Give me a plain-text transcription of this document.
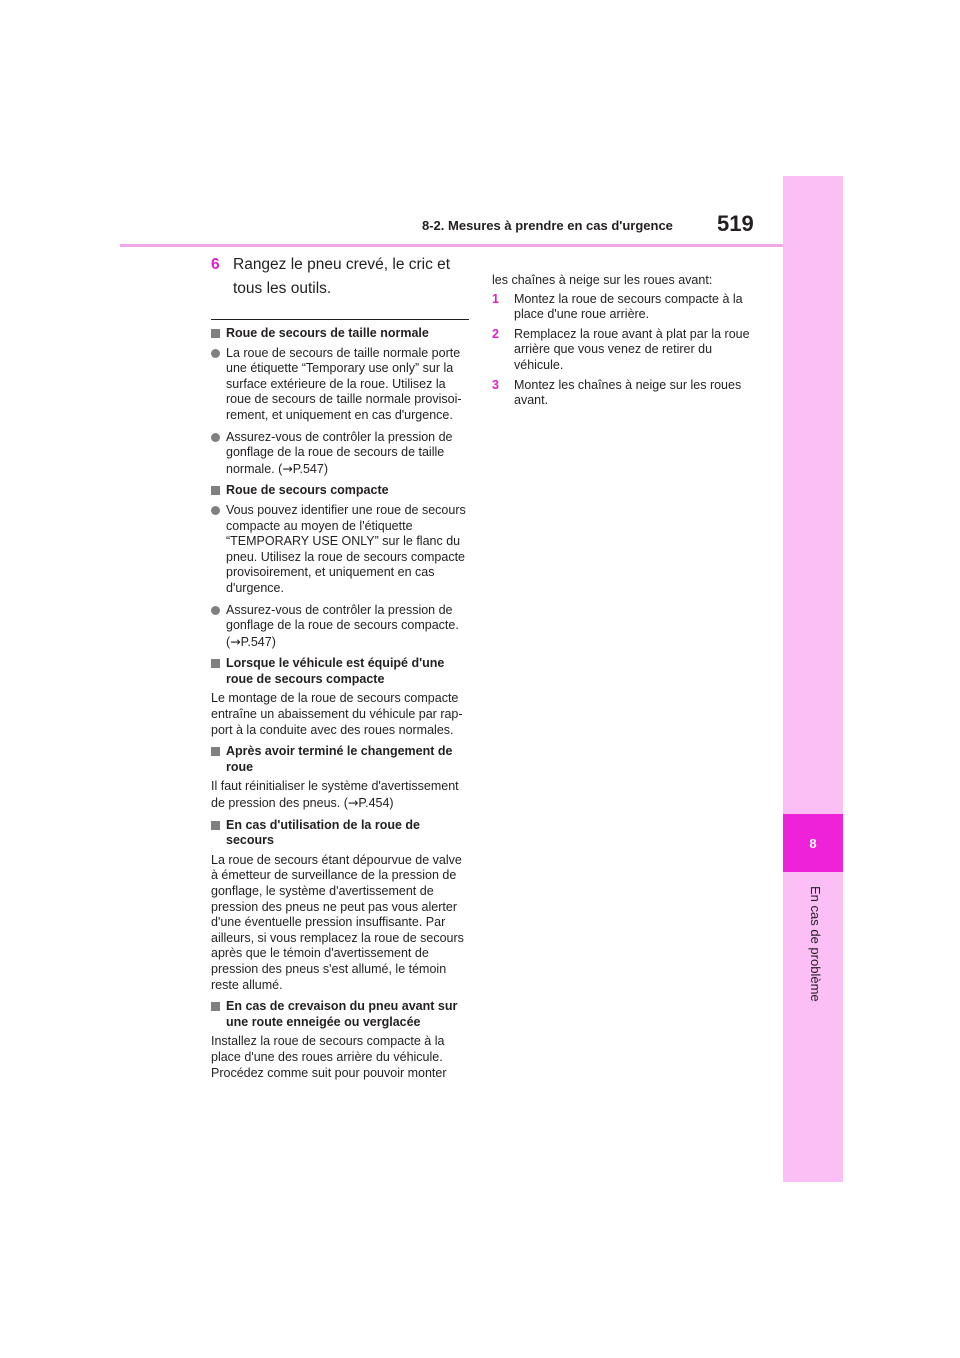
8
En cas de problème
8-2. Mesures à prendre en cas d'urgence 519
6 Rangez le pneu crevé, le cric et tous les outils.
Roue de secours de taille normale
La roue de secours de taille normale porte une étiquette “Temporary use only” sur la surface extérieure de la roue. Utilisez la roue de secours de taille normale provisoi-rement, et uniquement en cas d'urgence.
Assurez-vous de contrôler la pression de gonflage de la roue de secours de taille normale. (→P.547)
Roue de secours compacte
Vous pouvez identifier une roue de secours compacte au moyen de l'étiquette “TEMPORARY USE ONLY” sur le flanc du pneu. Utilisez la roue de secours compacte provisoirement, et uniquement en cas d'urgence.
Assurez-vous de contrôler la pression de gonflage de la roue de secours compacte. (→P.547)
Lorsque le véhicule est équipé d'une roue de secours compacte
Le montage de la roue de secours compacte entraîne un abaissement du véhicule par rap-port à la conduite avec des roues normales.
Après avoir terminé le changement de roue
Il faut réinitialiser le système d'avertissement de pression des pneus. (→P.454)
En cas d'utilisation de la roue de secours
La roue de secours étant dépourvue de valve à émetteur de surveillance de la pression de gonflage, le système d'avertissement de pression des pneus ne peut pas vous alerter d'une éventuelle pression insuffisante. Par ailleurs, si vous remplacez la roue de secours après que le témoin d'avertissement de pression des pneus s'est allumé, le témoin reste allumé.
En cas de crevaison du pneu avant sur une route enneigée ou verglacée
Installez la roue de secours compacte à la place d'une des roues arrière du véhicule. Procédez comme suit pour pouvoir monter
les chaînes à neige sur les roues avant:
1 Montez la roue de secours compacte à la place d'une roue arrière.
2 Remplacez la roue avant à plat par la roue arrière que vous venez de retirer du véhicule.
3 Montez les chaînes à neige sur les roues avant.
